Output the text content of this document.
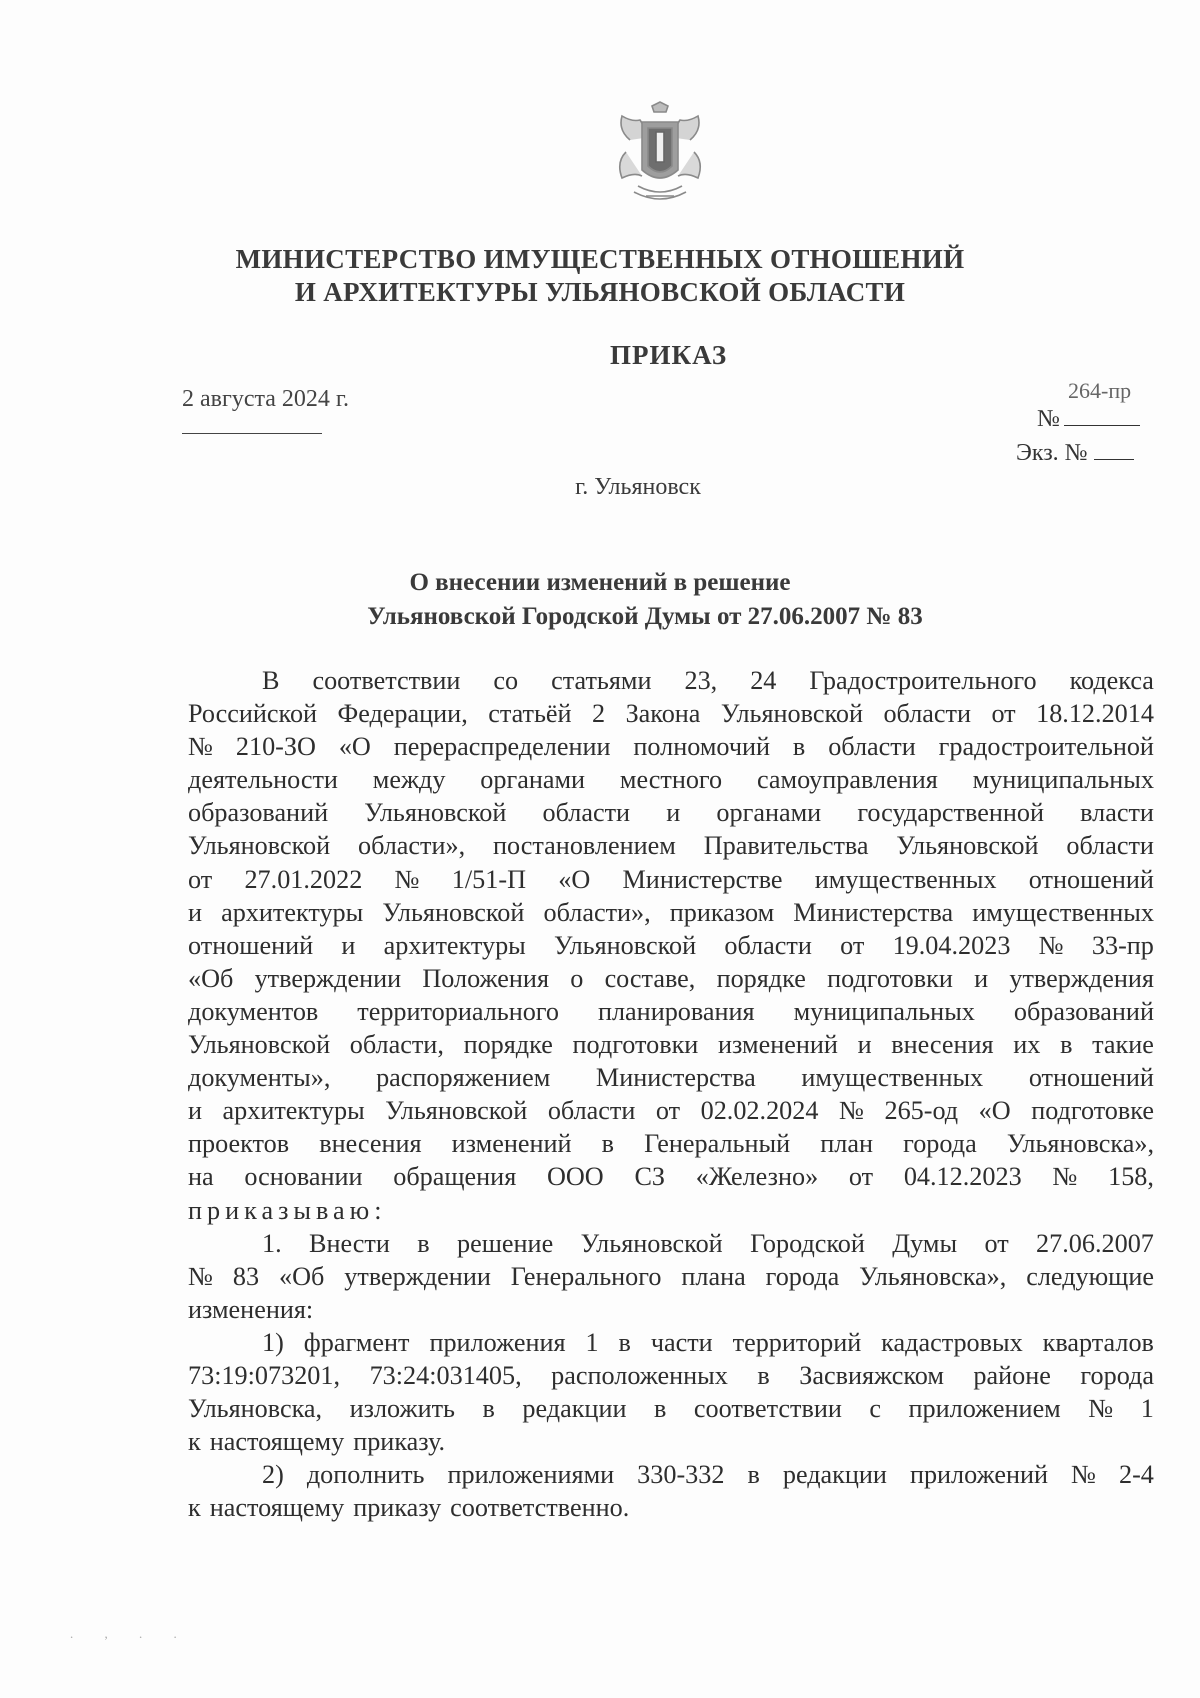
МИНИСТЕРСТВО ИМУЩЕСТВЕННЫХ ОТНОШЕНИЙ
И АРХИТЕКТУРЫ УЛЬЯНОВСКОЙ ОБЛАСТИ
ПРИКАЗ
2 августа 2024 г.	264-пр
№
Экз. №
г. Ульяновск
О внесении изменений в решение
Ульяновской Городской Думы от 27.06.2007 № 83
В соответствии со статьями 23, 24 Градостроительного кодекса
Российской Федерации, статьёй 2 Закона Ульяновской области от 18.12.2014
№ 210-ЗО «О перераспределении полномочий в области градостроительной
деятельности между органами местного самоуправления муниципальных
образований Ульяновской области и органами государственной власти
Ульяновской области», постановлением Правительства Ульяновской области
от 27.01.2022 № 1/51-П «О Министерстве имущественных отношений
и архитектуры Ульяновской области», приказом Министерства имущественных
отношений и архитектуры Ульяновской области от 19.04.2023 № 33-пр
«Об утверждении Положения о составе, порядке подготовки и утверждения
документов территориального планирования муниципальных образований
Ульяновской области, порядке подготовки изменений и внесения их в такие
документы», распоряжением Министерства имущественных отношений
и архитектуры Ульяновской области от 02.02.2024 № 265-од «О подготовке
проектов внесения изменений в Генеральный план города Ульяновска»,
на основании обращения ООО СЗ «Железно» от 04.12.2023 № 158,
приказываю:
1. Внести в решение Ульяновской Городской Думы от 27.06.2007
№ 83 «Об утверждении Генерального плана города Ульяновска», следующие
изменения:
1) фрагмент приложения 1 в части территорий кадастровых кварталов
73:19:073201, 73:24:031405, расположенных в Засвияжском районе города
Ульяновска, изложить в редакции в соответствии с приложением № 1
к настоящему приказу.
2) дополнить приложениями 330-332 в редакции приложений № 2-4
к настоящему приказу соответственно.
. , . .
